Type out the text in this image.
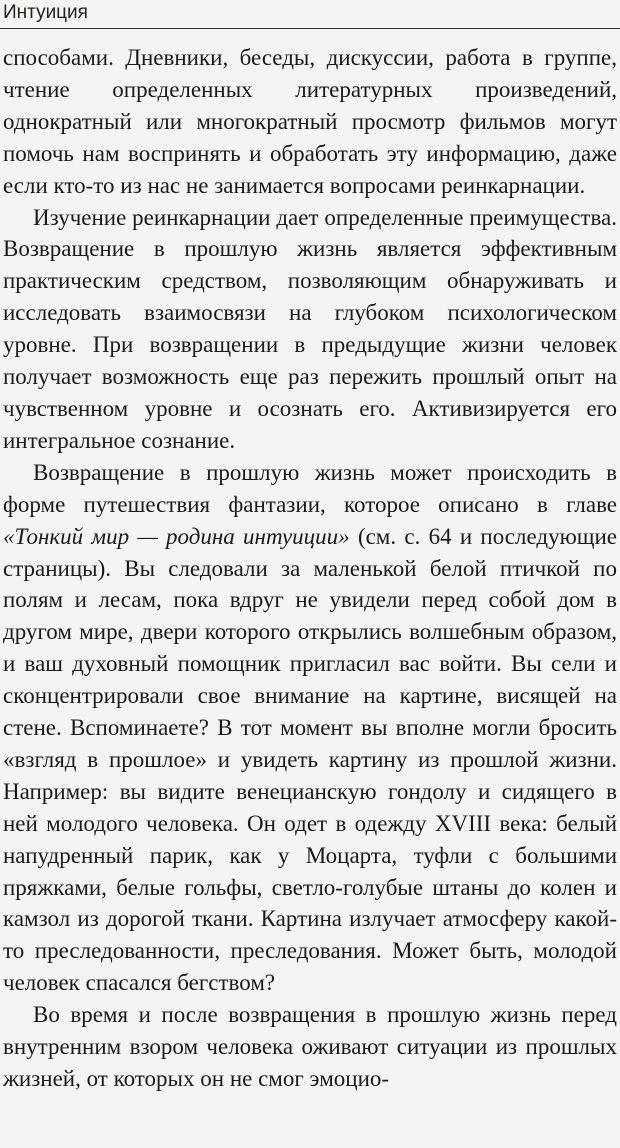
Интуиция

способами. Дневники, беседы, дискуссии, работа в группе, чтение определенных литературных произведений, однократный или многократный просмотр фильмов могут помочь нам воспринять и обработать эту информацию, даже если кто-то из нас не занимается вопросами реинкарнации.

Изучение реинкарнации дает определенные преимущества. Возвращение в прошлую жизнь является эффективным практическим средством, позволяющим обнаруживать и исследовать взаимосвязи на глубоком психологическом уровне. При возвращении в предыдущие жизни человек получает возможность еще раз пережить прошлый опыт на чувственном уровне и осознать его. Активизируется его интегральное сознание.

Возвращение в прошлую жизнь может происходить в форме путешествия фантазии, которое описано в главе «Тонкий мир — родина интуиции» (см. с. 64 и последующие страницы). Вы следовали за маленькой белой птичкой по полям и лесам, пока вдруг не увидели перед собой дом в другом мире, двери которого открылись волшебным образом, и ваш духовный помощник пригласил вас войти. Вы сели и сконцентрировали свое внимание на картине, висящей на стене. Вспоминаете? В тот момент вы вполне могли бросить «взгляд в прошлое» и увидеть картину из прошлой жизни. Например: вы видите венецианскую гондолу и сидящего в ней молодого человека. Он одет в одежду XVIII века: белый напудренный парик, как у Моцарта, туфли с большими пряжками, белые гольфы, светло-голубые штаны до колен и камзол из дорогой ткани. Картина излучает атмосферу какой-то преследованности, преследования. Может быть, молодой человек спасался бегством?

Во время и после возвращения в прошлую жизнь перед внутренним взором человека оживают ситуации из прошлых жизней, от которых он не смог эмоцио-
